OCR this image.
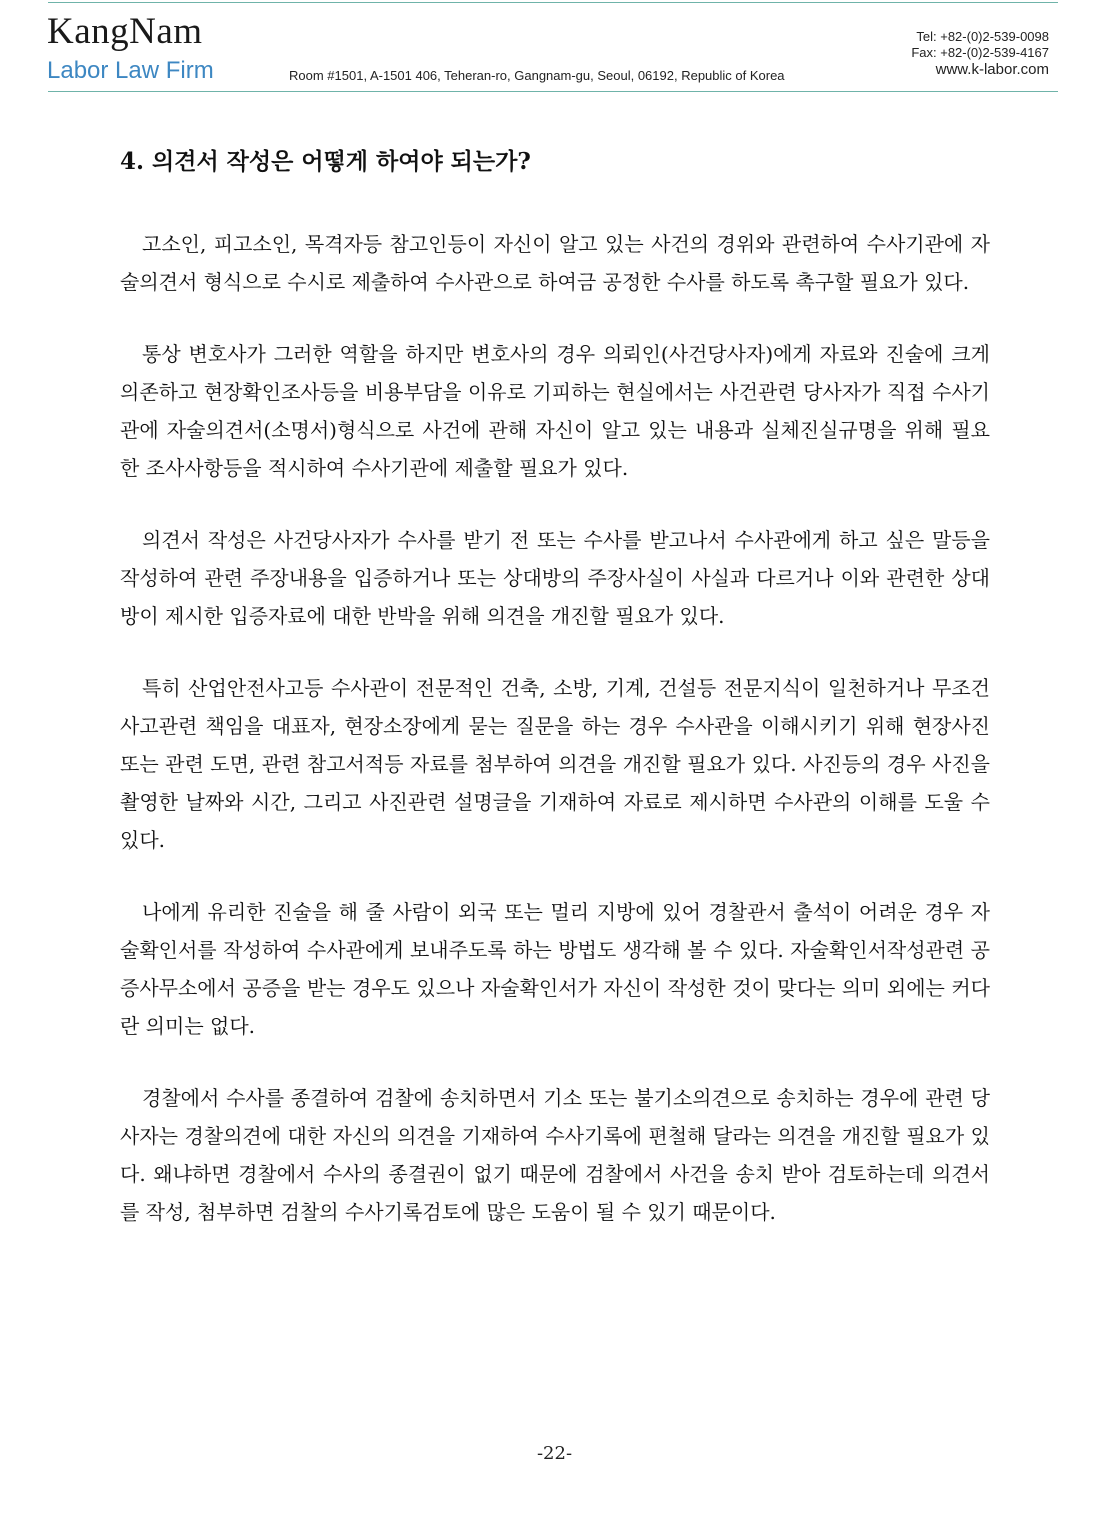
KangNam
Labor Law Firm	Room #1501, A-1501 406, Teheran-ro, Gangnam-gu, Seoul, 06192, Republic of Korea
Tel: +82-(0)2-539-0098
Fax: +82-(0)2-539-4167
www.k-labor.com
4. 의견서 작성은 어떻게 하여야 되는가?

고소인, 피고소인, 목격자등 참고인등이 자신이 알고 있는 사건의 경위와 관련하여 수사기관에 자술의견서 형식으로 수시로 제출하여 수사관으로 하여금 공정한 수사를 하도록 촉구할 필요가 있다.

통상 변호사가 그러한 역할을 하지만 변호사의 경우 의뢰인(사건당사자)에게 자료와 진술에 크게 의존하고 현장확인조사등을 비용부담을 이유로 기피하는 현실에서는 사건관련 당사자가 직접 수사기관에 자술의견서(소명서)형식으로 사건에 관해 자신이 알고 있는 내용과 실체진실규명을 위해 필요한 조사사항등을 적시하여 수사기관에 제출할 필요가 있다.

의견서 작성은 사건당사자가 수사를 받기 전 또는 수사를 받고나서 수사관에게 하고 싶은 말등을 작성하여 관련 주장내용을 입증하거나 또는 상대방의 주장사실이 사실과 다르거나 이와 관련한 상대방이 제시한 입증자료에 대한 반박을 위해 의견을 개진할 필요가 있다.

특히 산업안전사고등 수사관이 전문적인 건축, 소방, 기계, 건설등 전문지식이 일천하거나 무조건 사고관련 책임을 대표자, 현장소장에게 묻는 질문을 하는 경우 수사관을 이해시키기 위해 현장사진 또는 관련 도면, 관련 참고서적등 자료를 첨부하여 의견을 개진할 필요가 있다. 사진등의 경우 사진을 촬영한 날짜와 시간, 그리고 사진관련 설명글을 기재하여 자료로 제시하면 수사관의 이해를 도울 수 있다.

나에게 유리한 진술을 해 줄 사람이 외국 또는 멀리 지방에 있어 경찰관서 출석이 어려운 경우 자술확인서를 작성하여 수사관에게 보내주도록 하는 방법도 생각해 볼 수 있다. 자술확인서작성관련 공증사무소에서 공증을 받는 경우도 있으나 자술확인서가 자신이 작성한 것이 맞다는 의미 외에는 커다란 의미는 없다.

경찰에서 수사를 종결하여 검찰에 송치하면서 기소 또는 불기소의견으로 송치하는 경우에 관련 당사자는 경찰의견에 대한 자신의 의견을 기재하여 수사기록에 편철해 달라는 의견을 개진할 필요가 있다. 왜냐하면 경찰에서 수사의 종결권이 없기 때문에 검찰에서 사건을 송치 받아 검토하는데 의견서를 작성, 첨부하면 검찰의 수사기록검토에 많은 도움이 될 수 있기 때문이다.

-22-
